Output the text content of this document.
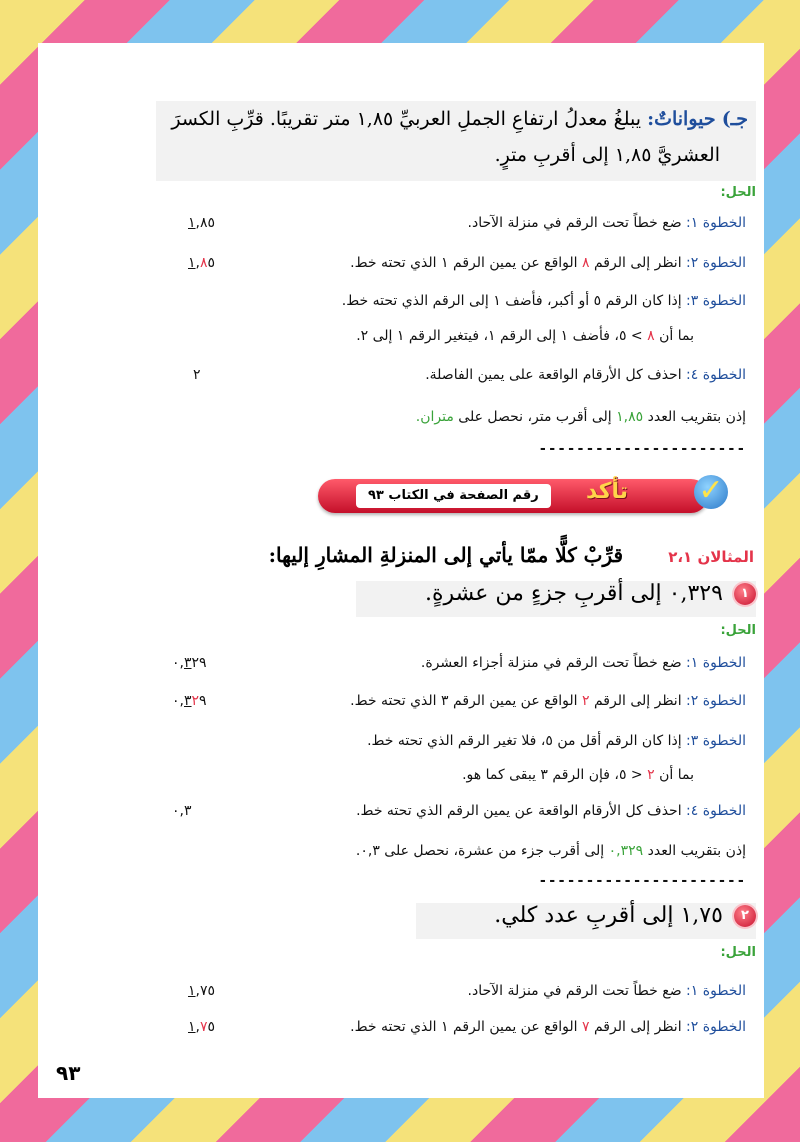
جـ) حيواناتٌ: يبلغُ معدلُ ارتفاعِ الجملِ العربيِّ ١,٨٥ متر تقريبًا. قرِّبِ الكسرَ
العشريَّ ١,٨٥ إلى أقربِ مترٍ.
الحل:
الخطوة ١: ضع خطاً تحت الرقم في منزلة الآحاد.
١,٨٥
الخطوة ٢: انظر إلى الرقم ٨ الواقع عن يمين الرقم ١ الذي تحته خط.
١,٨٥
الخطوة ٣: إذا كان الرقم ٥ أو أكبر، فأضف ١ إلى الرقم الذي تحته خط.
بما أن ٨ > ٥، فأضف ١ إلى الرقم ١، فيتغير الرقم ١ إلى ٢.
الخطوة ٤: احذف كل الأرقام الواقعة على يمين الفاصلة.
٢
إذن بتقريب العدد ١,٨٥ إلى أقرب متر، نحصل على متران.
----------------------
رقم الصفحة في الكتاب ٩٣	تأكد ✓
المثالان ٢،١ قرِّبْ كلًّا ممّا يأتي إلى المنزلةِ المشارِ إليها:
١ ٠,٣٢٩ إلى أقربِ جزءٍ من عشرةٍ.
الحل:
الخطوة ١: ضع خطاً تحت الرقم في منزلة أجزاء العشرة.
٠,٣٢٩
الخطوة ٢: انظر إلى الرقم ٢ الواقع عن يمين الرقم ٣ الذي تحته خط.
٠,٣٢٩
الخطوة ٣: إذا كان الرقم أقل من ٥، فلا تغير الرقم الذي تحته خط.
بما أن ٢ < ٥، فإن الرقم ٣ يبقى كما هو.
الخطوة ٤: احذف كل الأرقام الواقعة عن يمين الرقم الذي تحته خط.
٠,٣
إذن بتقريب العدد ٠,٣٢٩ إلى أقرب جزء من عشرة، نحصل على ٠,٣.
----------------------
٢ ١,٧٥ إلى أقربِ عدد كلي.
الحل:
الخطوة ١: ضع خطاً تحت الرقم في منزلة الآحاد.
١,٧٥
الخطوة ٢: انظر إلى الرقم ٧ الواقع عن يمين الرقم ١ الذي تحته خط.
١,٧٥
٩٣
